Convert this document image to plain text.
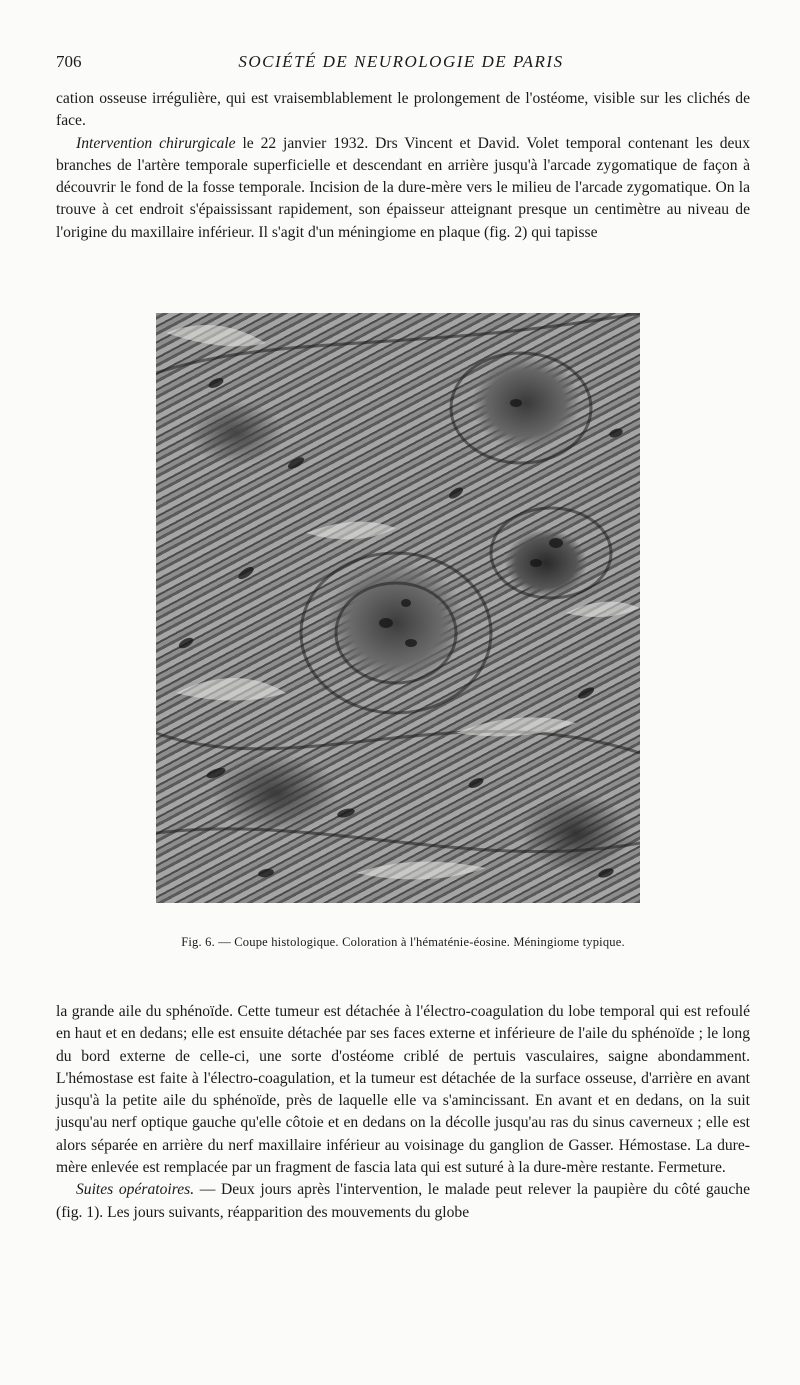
706	SOCIÉTÉ DE NEUROLOGIE DE PARIS

cation osseuse irrégulière, qui est vraisemblablement le prolongement de l'ostéome, visible sur les clichés de face.

Intervention chirurgicale le 22 janvier 1932. Drs Vincent et David. Volet temporal contenant les deux branches de l'artère temporale superficielle et descendant en arrière jusqu'à l'arcade zygomatique de façon à découvrir le fond de la fosse temporale. Incision de la dure-mère vers le milieu de l'arcade zygomatique. On la trouve à cet endroit s'épaississant rapidement, son épaisseur atteignant presque un centimètre au niveau de l'origine du maxillaire inférieur. Il s'agit d'un méningiome en plaque (fig. 2) qui tapisse

Fig. 6. — Coupe histologique. Coloration à l'hématénie-éosine. Méningiome typique.

la grande aile du sphénoïde. Cette tumeur est détachée à l'électro-coagulation du lobe temporal qui est refoulé en haut et en dedans; elle est ensuite détachée par ses faces externe et inférieure de l'aile du sphénoïde ; le long du bord externe de celle-ci, une sorte d'ostéome criblé de pertuis vasculaires, saigne abondamment. L'hémostase est faite à l'électro-coagulation, et la tumeur est détachée de la surface osseuse, d'arrière en avant jusqu'à la petite aile du sphénoïde, près de laquelle elle va s'amincissant. En avant et en dedans, on la suit jusqu'au nerf optique gauche qu'elle côtoie et en dedans on la décolle jusqu'au ras du sinus caverneux ; elle est alors séparée en arrière du nerf maxillaire inférieur au voisinage du ganglion de Gasser. Hémostase. La dure-mère enlevée est remplacée par un fragment de fascia lata qui est suturé à la dure-mère restante. Fermeture.

Suites opératoires. — Deux jours après l'intervention, le malade peut relever la paupière du côté gauche (fig. 1). Les jours suivants, réapparition des mouvements du globe
